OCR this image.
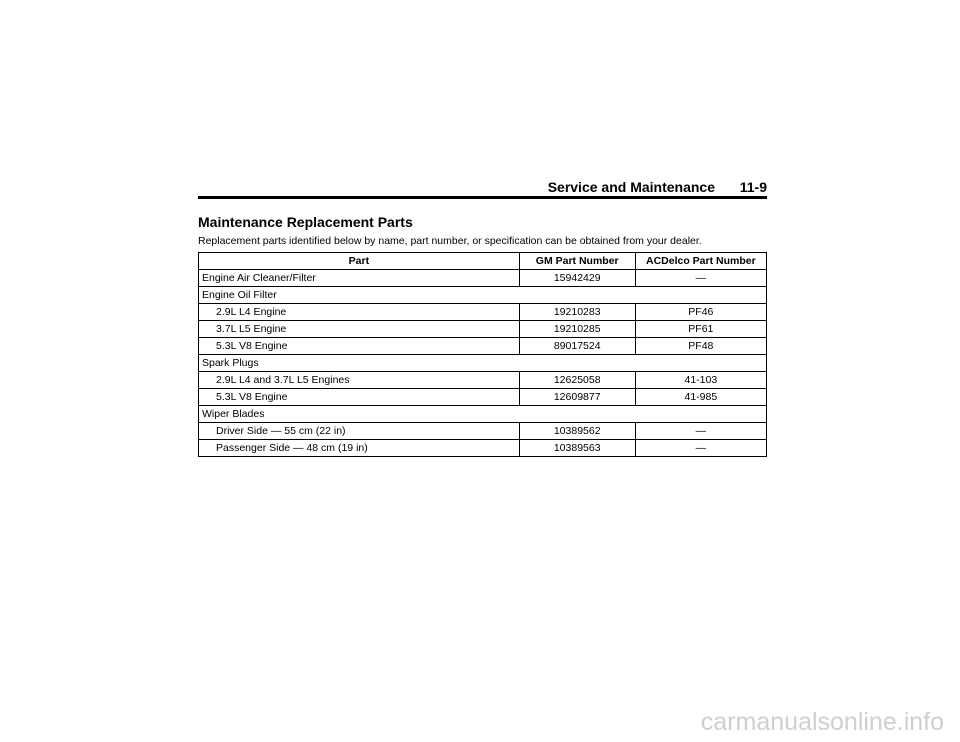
Service and Maintenance 11-9
Maintenance Replacement Parts
Replacement parts identified below by name, part number, or specification can be obtained from your dealer.
Part	GM Part Number	ACDelco Part Number
Engine Air Cleaner/Filter	15942429	—
Engine Oil Filter		
2.9L L4 Engine	19210283	PF46
3.7L L5 Engine	19210285	PF61
5.3L V8 Engine	89017524	PF48
Spark Plugs		
2.9L L4 and 3.7L L5 Engines	12625058	41-103
5.3L V8 Engine	12609877	41-985
Wiper Blades		
Driver Side — 55 cm (22 in)	10389562	—
Passenger Side — 48 cm (19 in)	10389563	—
carmanualsonline.info
